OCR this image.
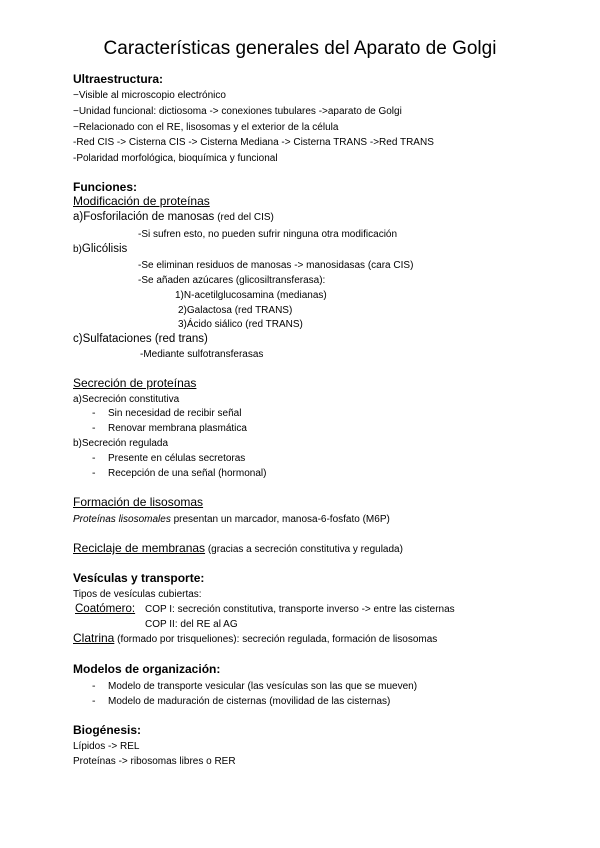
Características generales del Aparato de Golgi
Ultraestructura:
−Visible al microscopio electrónico
−Unidad funcional: dictiosoma -> conexiones tubulares ->aparato de Golgi
−Relacionado con el RE, lisosomas y el exterior de la célula
-Red CIS -> Cisterna CIS -> Cisterna Mediana -> Cisterna TRANS ->Red TRANS
-Polaridad morfológica, bioquímica y funcional
Funciones:
Modificación de proteínas
a)Fosforilación de manosas (red del CIS)
-Si sufren esto, no pueden sufrir ninguna otra modificación
b)Glicólisis
-Se eliminan residuos de manosas -> manosidasas (cara CIS)
-Se añaden azúcares (glicosiltransferasa):
1)N-acetilglucosamina (medianas)
2)Galactosa (red TRANS)
3)Ácido siálico (red TRANS)
c)Sulfataciones (red trans)
-Mediante sulfotransferasas
Secreción de proteínas
a)Secreción constitutiva
- Sin necesidad de recibir señal
- Renovar membrana plasmática
b)Secreción regulada
- Presente en células secretoras
- Recepción de una señal (hormonal)
Formación de lisosomas
Proteínas lisosomales presentan un marcador, manosa-6-fosfato (M6P)
Reciclaje de membranas (gracias a secreción constitutiva y regulada)
Vesículas y transporte:
Tipos de vesículas cubiertas:
Coatómero: COP I: secreción constitutiva, transporte inverso -> entre las cisternas
COP II: del RE al AG
Clatrina (formado por trisqueliones): secreción regulada, formación de lisosomas
Modelos de organización:
- Modelo de transporte vesicular (las vesículas son las que se mueven)
- Modelo de maduración de cisternas (movilidad de las cisternas)
Biogénesis:
Lípidos -> REL
Proteínas -> ribosomas libres o RER
